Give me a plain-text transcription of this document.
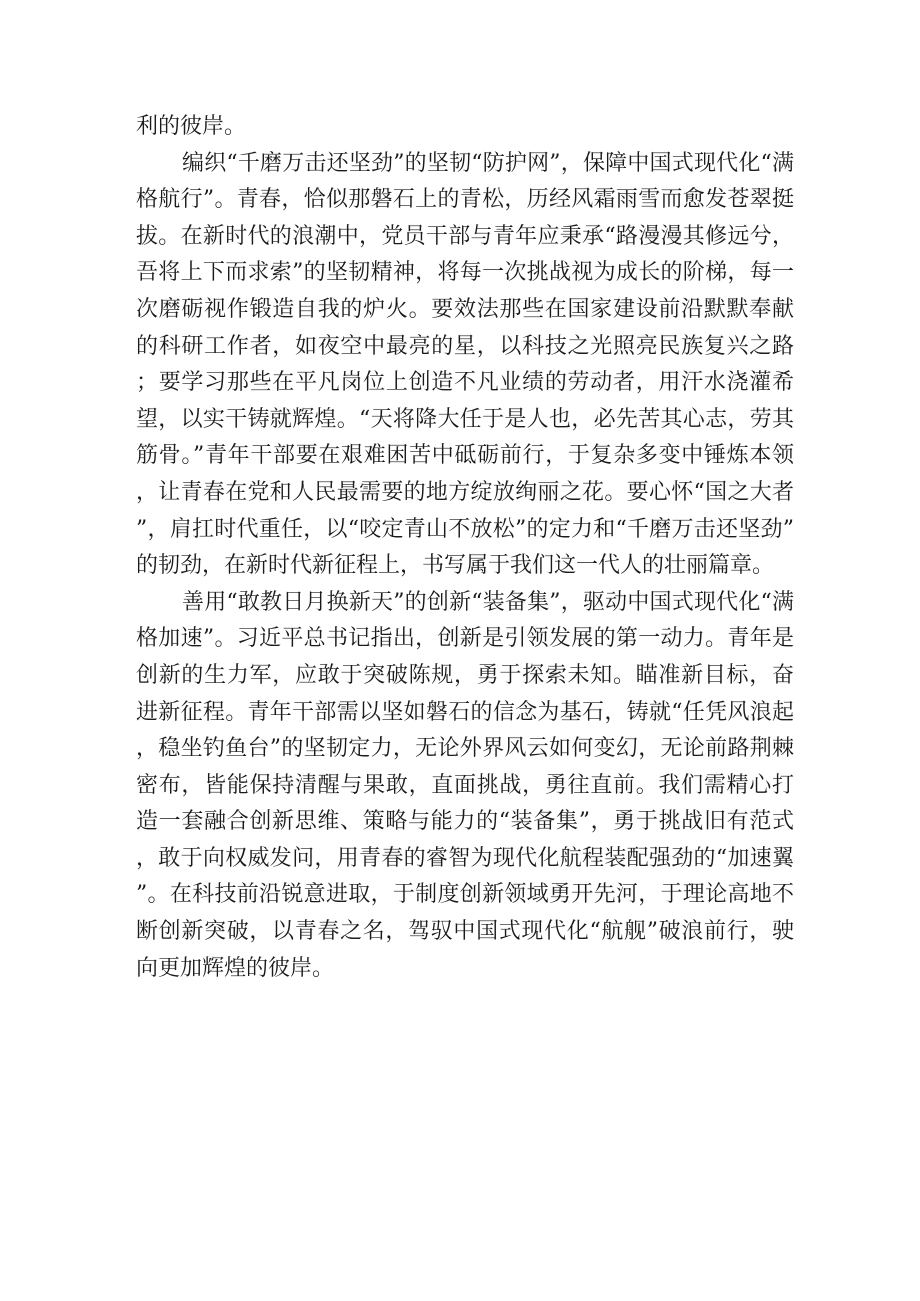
利的彼岸。

编织“千磨万击还坚劲”的坚韧“防护网”，保障中国式现代化“满格航行”。青春，恰似那磐石上的青松，历经风霜雨雪而愈发苍翠挺拔。在新时代的浪潮中，党员干部与青年应秉承“路漫漫其修远兮，吾将上下而求索”的坚韧精神，将每一次挑战视为成长的阶梯，每一次磨砺视作锻造自我的炉火。要效法那些在国家建设前沿默默奉献的科研工作者，如夜空中最亮的星，以科技之光照亮民族复兴之路；要学习那些在平凡岗位上创造不凡业绩的劳动者，用汗水浇灌希望，以实干铸就辉煌。“天将降大任于是人也，必先苦其心志，劳其筋骨。”青年干部要在艰难困苦中砥砺前行，于复杂多变中锤炼本领，让青春在党和人民最需要的地方绽放绚丽之花。要心怀“国之大者”，肩扛时代重任，以“咬定青山不放松”的定力和“千磨万击还坚劲”的韧劲，在新时代新征程上，书写属于我们这一代人的壮丽篇章。

善用“敢教日月换新天”的创新“装备集”，驱动中国式现代化“满格加速”。习近平总书记指出，创新是引领发展的第一动力。青年是创新的生力军，应敢于突破陈规，勇于探索未知。瞄准新目标，奋进新征程。青年干部需以坚如磐石的信念为基石，铸就“任凭风浪起，稳坐钓鱼台”的坚韧定力，无论外界风云如何变幻，无论前路荆棘密布，皆能保持清醒与果敢，直面挑战，勇往直前。我们需精心打造一套融合创新思维、策略与能力的“装备集”，勇于挑战旧有范式，敢于向权威发问，用青春的睿智为现代化航程装配强劲的“加速翼”。在科技前沿锐意进取，于制度创新领域勇开先河，于理论高地不断创新突破，以青春之名，驾驭中国式现代化“航舰”破浪前行，驶向更加辉煌的彼岸。
